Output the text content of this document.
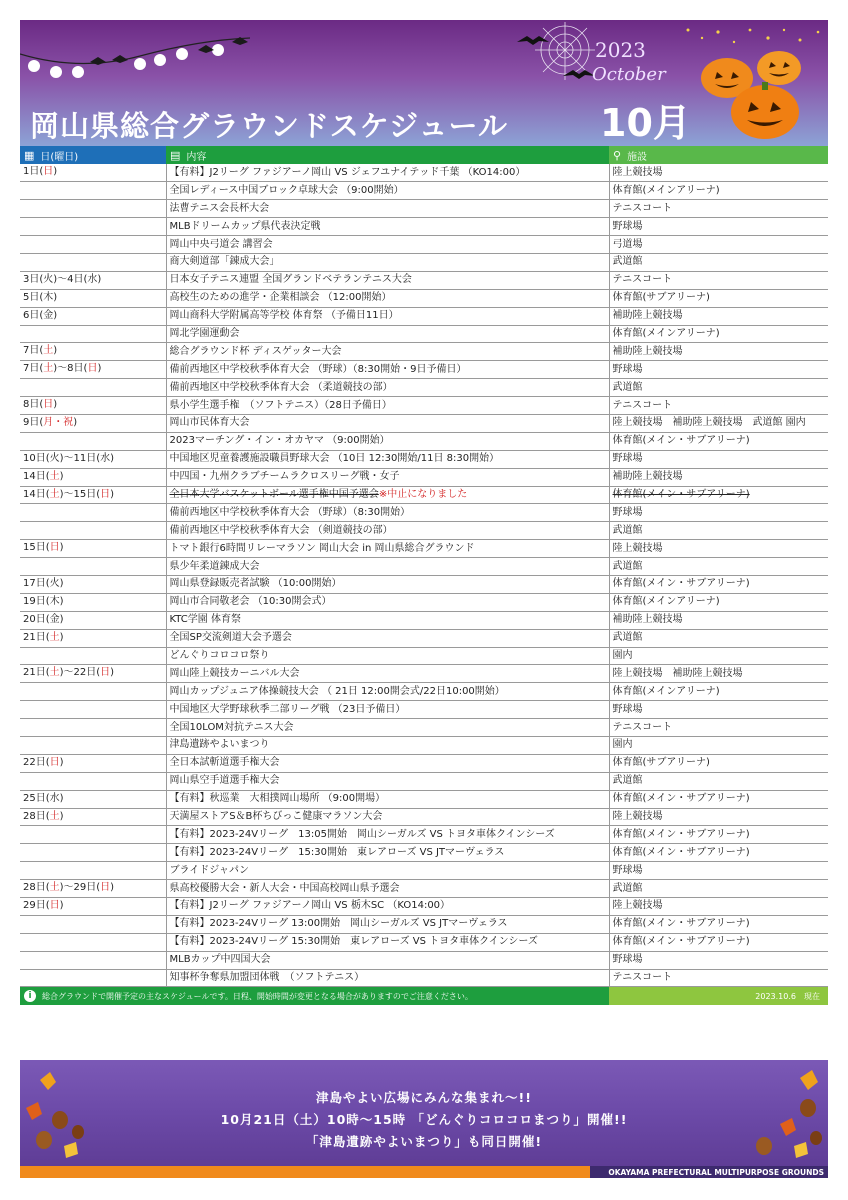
2023
October
岡山県総合グラウンドスケジュール 10月
▦ 日(曜日)	▤ 内容	⚲ 施設
1日(日)	【有料】J2リーグ ファジアーノ岡山 VS ジェフユナイテッド千葉 （KO14:00）	陸上競技場
	全国レディース中国ブロック卓球大会 （9:00開始）	体育館(メインアリーナ)
	法曹テニス会長杯大会	テニスコート
	MLBドリームカップ県代表決定戦	野球場
	岡山中央弓道会 講習会	弓道場
	商大剣道部「錬成大会」	武道館
3日(火)～4日(水)	日本女子テニス連盟 全国グランドベテランテニス大会	テニスコート
5日(木)	高校生のための進学・企業相談会 （12:00開始）	体育館(サブアリーナ)
6日(金)	岡山商科大学附属高等学校 体育祭 （予備日11日）	補助陸上競技場
	岡北学園運動会	体育館(メインアリーナ)
7日(土)	総合グラウンド杯 ディスゲッター大会	補助陸上競技場
7日(土)～8日(日)	備前西地区中学校秋季体育大会 （野球）（8:30開始・9日予備日）	野球場
	備前西地区中学校秋季体育大会 （柔道競技の部）	武道館
8日(日)	県小学生選手権　（ソフトテニス）（28日予備日）	テニスコート
9日(月・祝)	岡山市民体育大会	陸上競技場　補助陸上競技場　武道館 園内
	2023マーチング・イン・オカヤマ （9:00開始）	体育館(メイン・サブアリーナ)
10日(火)～11日(水)	中国地区児童養護施設職員野球大会 （10日 12:30開始/11日 8:30開始）	野球場
14日(土)	中四国・九州クラブチームラクロスリーグ戦・女子	補助陸上競技場
14日(土)～15日(日)	全日本大学バスケットボール選手権中国予選会※中止になりました	体育館(メイン・サブアリーナ)
	備前西地区中学校秋季体育大会 （野球）（8:30開始）	野球場
	備前西地区中学校秋季体育大会 （剣道競技の部）	武道館
15日(日)	トマト銀行6時間リレーマラソン 岡山大会 in 岡山県総合グラウンド	陸上競技場
	県少年柔道錬成大会	武道館
17日(火)	岡山県登録販売者試験 （10:00開始）	体育館(メイン・サブアリーナ)
19日(木)	岡山市合同敬老会 （10:30開会式）	体育館(メインアリーナ)
20日(金)	KTC学園 体育祭	補助陸上競技場
21日(土)	全国SP交流剣道大会予選会	武道館
	どんぐりコロコロ祭り	園内
21日(土)～22日(日)	岡山陸上競技カーニバル大会	陸上競技場　補助陸上競技場
	岡山カップジュニア体操競技大会 （ 21日 12:00開会式/22日10:00開始）	体育館(メインアリーナ)
	中国地区大学野球秋季二部リーグ戦 （23日予備日）	野球場
	全国10LOM対抗テニス大会	テニスコート
	津島遺跡やよいまつり	園内
22日(日)	全日本試斬道選手権大会	体育館(サブアリーナ)
	岡山県空手道選手権大会	武道館
25日(水)	【有料】秋巡業　大相撲岡山場所 （9:00開場）	体育館(メイン・サブアリーナ)
28日(土)	天満屋ストアS＆B杯ちびっこ健康マラソン大会	陸上競技場
	【有料】2023-24Vリーグ　13:05開始　岡山シーガルズ VS トヨタ車体クインシーズ	体育館(メイン・サブアリーナ)
	【有料】2023-24Vリーグ　15:30開始　東レアローズ VS JTマーヴェラス	体育館(メイン・サブアリーナ)
	ブライドジャパン	野球場
28日(土)～29日(日)	県高校優勝大会・新人大会・中国高校岡山県予選会	武道館
29日(日)	【有料】J2リーグ ファジアーノ岡山 VS 栃木SC （KO14:00）	陸上競技場
	【有料】2023-24Vリーグ 13:00開始　岡山シーガルズ VS JTマーヴェラス	体育館(メイン・サブアリーナ)
	【有料】2023-24Vリーグ 15:30開始　東レアローズ VS トヨタ車体クインシーズ	体育館(メイン・サブアリーナ)
	MLBカップ中四国大会	野球場
	知事杯争奪県加盟団体戦　（ソフトテニス）	テニスコート
i	総合グラウンドで開催予定の主なスケジュールです。日程、開始時間が変更となる場合がありますのでご注意ください。	2023.10.6　現在
津島やよい広場にみんな集まれ～!!
10月21日（土）10時～15時 「どんぐりコロコロまつり」開催!!
「津島遺跡やよいまつり」も同日開催!
OKAYAMA PREFECTURAL MULTIPURPOSE GROUNDS
